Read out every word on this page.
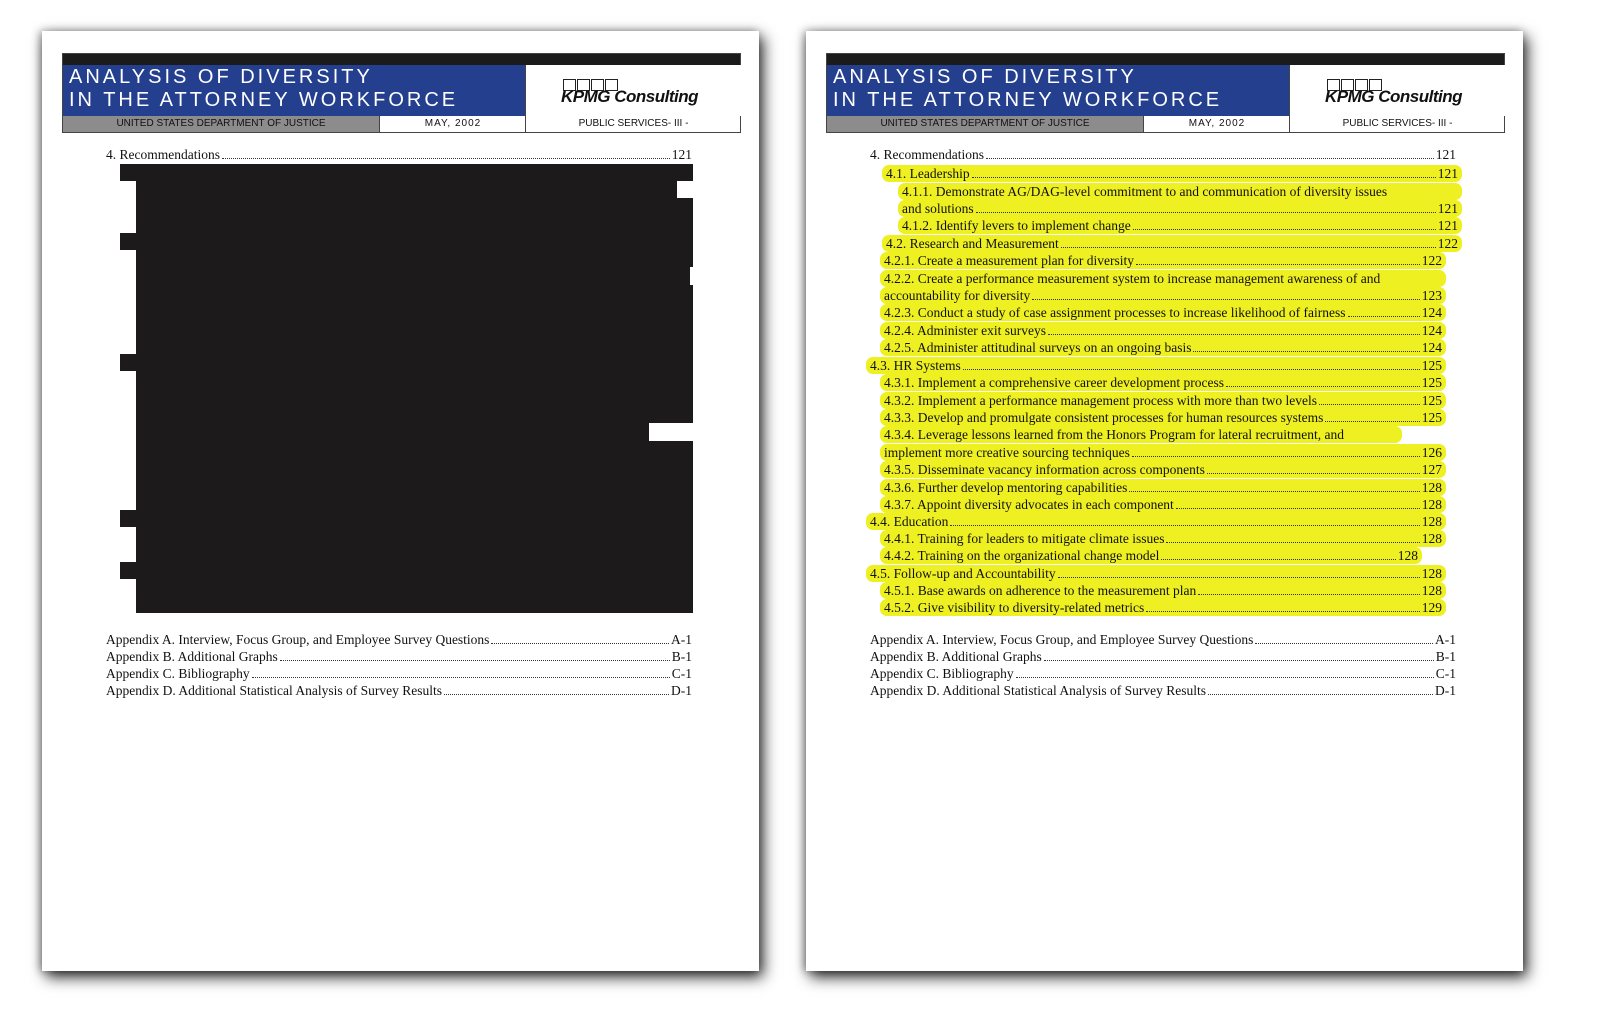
ANALYSIS OF DIVERSITY
IN THE ATTORNEY WORKFORCE	KPMG Consulting
UNITED STATES DEPARTMENT OF JUSTICE	MAY, 2002	PUBLIC SERVICES- III -
4. Recommendations	121
Appendix A. Interview, Focus Group, and Employee Survey Questions	A-1
Appendix B. Additional Graphs	B-1
Appendix C. Bibliography	C-1
Appendix D. Additional Statistical Analysis of Survey Results	D-1
ANALYSIS OF DIVERSITY
IN THE ATTORNEY WORKFORCE	KPMG Consulting
UNITED STATES DEPARTMENT OF JUSTICE	MAY, 2002	PUBLIC SERVICES- III -
4. Recommendations	121
4.1. Leadership	121
4.1.1. Demonstrate AG/DAG-level commitment to and communication of diversity issues
and solutions	121
4.1.2. Identify levers to implement change	121
4.2. Research and Measurement	122
4.2.1. Create a measurement plan for diversity	122
4.2.2. Create a performance measurement system to increase management awareness of and
accountability for diversity	123
4.2.3. Conduct a study of case assignment processes to increase likelihood of fairness	124
4.2.4. Administer exit surveys	124
4.2.5. Administer attitudinal surveys on an ongoing basis	124
4.3. HR Systems	125
4.3.1. Implement a comprehensive career development process	125
4.3.2. Implement a performance management process with more than two levels	125
4.3.3. Develop and promulgate consistent processes for human resources systems	125
4.3.4. Leverage lessons learned from the Honors Program for lateral recruitment, and
implement more creative sourcing techniques	126
4.3.5. Disseminate vacancy information across components	127
4.3.6. Further develop mentoring capabilities	128
4.3.7. Appoint diversity advocates in each component	128
4.4. Education	128
4.4.1. Training for leaders to mitigate climate issues	128
4.4.2. Training on the organizational change model	128
4.5. Follow-up and Accountability	128
4.5.1. Base awards on adherence to the measurement plan	128
4.5.2. Give visibility to diversity-related metrics	129
Appendix A. Interview, Focus Group, and Employee Survey Questions	A-1
Appendix B. Additional Graphs	B-1
Appendix C. Bibliography	C-1
Appendix D. Additional Statistical Analysis of Survey Results	D-1
